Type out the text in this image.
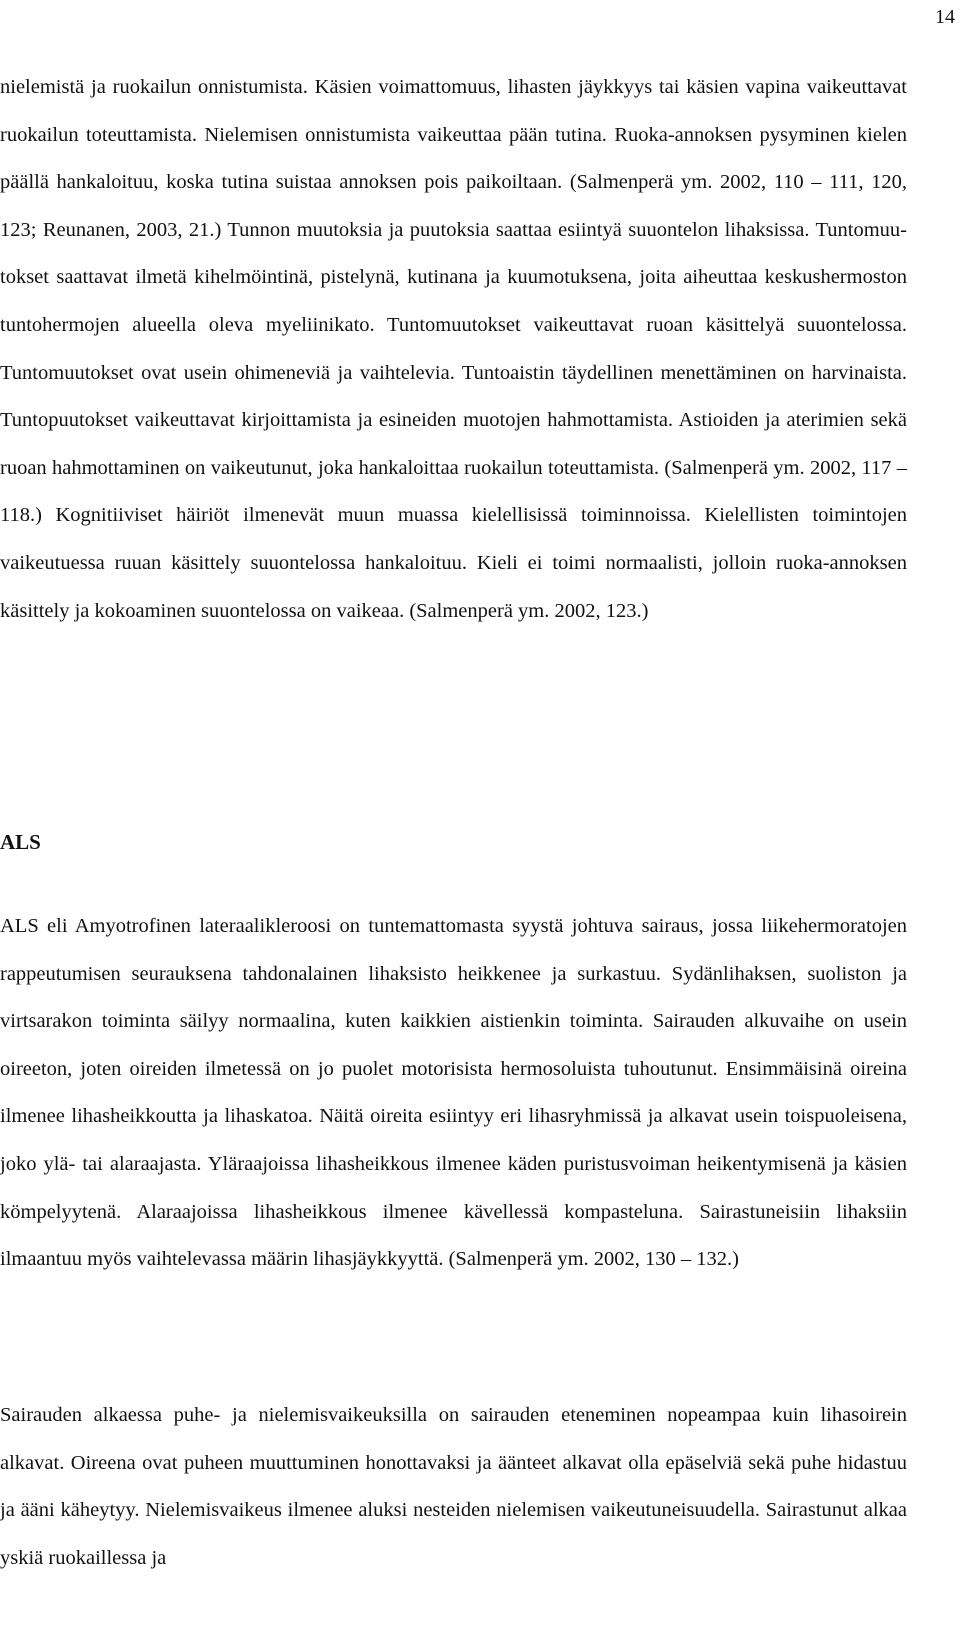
14

nielemistä ja ruokailun onnistumista. Käsien voimattomuus, lihasten jäykkyys tai käsien vapina vaikeuttavat ruokailun toteuttamista. Nielemisen onnistumista vaikeuttaa pään tutina. Ruoka-annoksen pysyminen kielen päällä hankaloituu, koska tutina suistaa annoksen pois paikoiltaan. (Salmenperä ym. 2002, 110 – 111, 120, 123; Reunanen, 2003, 21.) Tunnon muutoksia ja puutoksia saattaa esiintyä suuontelon lihaksissa. Tuntomuutokset saattavat ilmetä kihelmöintinä, pistelynä, kutinana ja kuumotuksena, joita aiheuttaa keskushermoston tuntohermojen alueella oleva myeliinikato. Tuntomuutokset vaikeuttavat ruoan käsittelyä suuontelossa. Tuntomuutokset ovat usein ohimeneviä ja vaihtelevia. Tuntoaistin täydellinen menettäminen on harvinaista. Tuntopuutokset vaikeuttavat kirjoittamista ja esineiden muotojen hahmottamista. Astioiden ja aterimien sekä ruoan hahmottaminen on vaikeutunut, joka hankaloittaa ruokailun toteuttamista. (Salmenperä ym. 2002, 117 – 118.) Kognitiiviset häiriöt ilmenevät muun muassa kielellisissä toiminnoissa. Kielellisten toimintojen vaikeutuessa ruuan käsittely suuontelossa hankaloituu. Kieli ei toimi normaalisti, jolloin ruoka-annoksen käsittely ja kokoaminen suuontelossa on vaikeaa. (Salmenperä ym. 2002, 123.)

ALS

ALS eli Amyotrofinen lateraalikleroosi on tuntemattomasta syystä johtuva sairaus, jossa liikehermoratojen rappeutumisen seurauksena tahdonalainen lihaksisto heikkenee ja surkastuu. Sydänlihaksen, suoliston ja virtsarakon toiminta säilyy normaalina, kuten kaikkien aistienkin toiminta. Sairauden alkuvaihe on usein oireeton, joten oireiden ilmetessä on jo puolet motorisista hermosoluista tuhoutunut. Ensimmäisinä oireina ilmenee lihasheikkoutta ja lihaskatoa. Näitä oireita esiintyy eri lihasryhmissä ja alkavat usein toispuoleisena, joko ylä- tai alaraajasta. Yläraajoissa lihasheikkous ilmenee käden puristusvoiman heikentymisenä ja käsien kömpelyytenä. Alaraajoissa lihasheikkous ilmenee kävellessä kompasteluna. Sairastuneisiin lihaksiin ilmaantuu myös vaihtelevassa määrin lihasjäykkyyttä. (Salmenperä ym. 2002, 130 – 132.)

Sairauden alkaessa puhe- ja nielemisvaikeuksilla on sairauden eteneminen nopeampaa kuin lihasoirein alkavat. Oireena ovat puheen muuttuminen honottavaksi ja äänteet alkavat olla epäselviä sekä puhe hidastuu ja ääni käheytyy. Nielemisvaikeus ilmenee aluksi nesteiden nielemisen vaikeutuneisuudella. Sairastunut alkaa yskiä ruokaillessa ja
